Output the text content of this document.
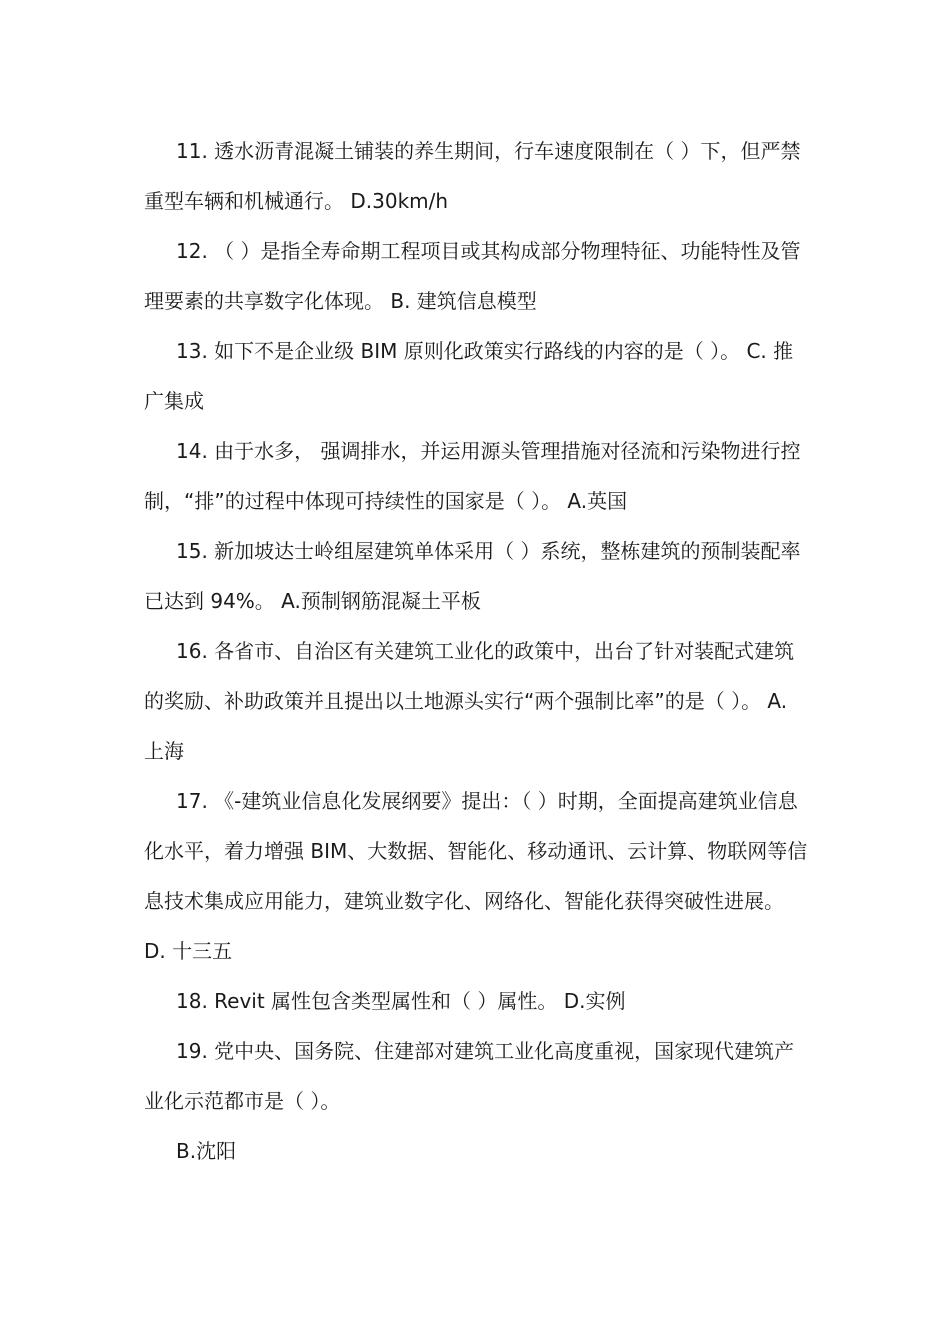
11. 透水沥青混凝土铺装的养生期间，行车速度限制在（ ）下，但严禁重型车辆和机械通行。 D.30km/h

12. （ ）是指全寿命期工程项目或其构成部分物理特征、功能特性及管理要素的共享数字化体现。 B. 建筑信息模型

13. 如下不是企业级 BIM 原则化政策实行路线的内容的是（ ）。 C. 推广集成

14. 由于水多， 强调排水，并运用源头管理措施对径流和污染物进行控制，“排”的过程中体现可持续性的国家是（ ）。 A.英国

15. 新加坡达士岭组屋建筑单体采用（ ）系统，整栋建筑的预制装配率已达到 94%。 A.预制钢筋混凝土平板

16. 各省市、自治区有关建筑工业化的政策中，出台了针对装配式建筑的奖励、补助政策并且提出以土地源头实行“两个强制比率”的是（ ）。 A. 上海

17. 《-建筑业信息化发展纲要》提出：（ ）时期，全面提高建筑业信息化水平，着力增强 BIM、大数据、智能化、移动通讯、云计算、物联网等信息技术集成应用能力，建筑业数字化、网络化、智能化获得突破性进展。 D. 十三五

18. Revit 属性包含类型属性和（ ）属性。 D.实例

19. 党中央、国务院、住建部对建筑工业化高度重视，国家现代建筑产业化示范都市是（ ）。

B.沈阳
